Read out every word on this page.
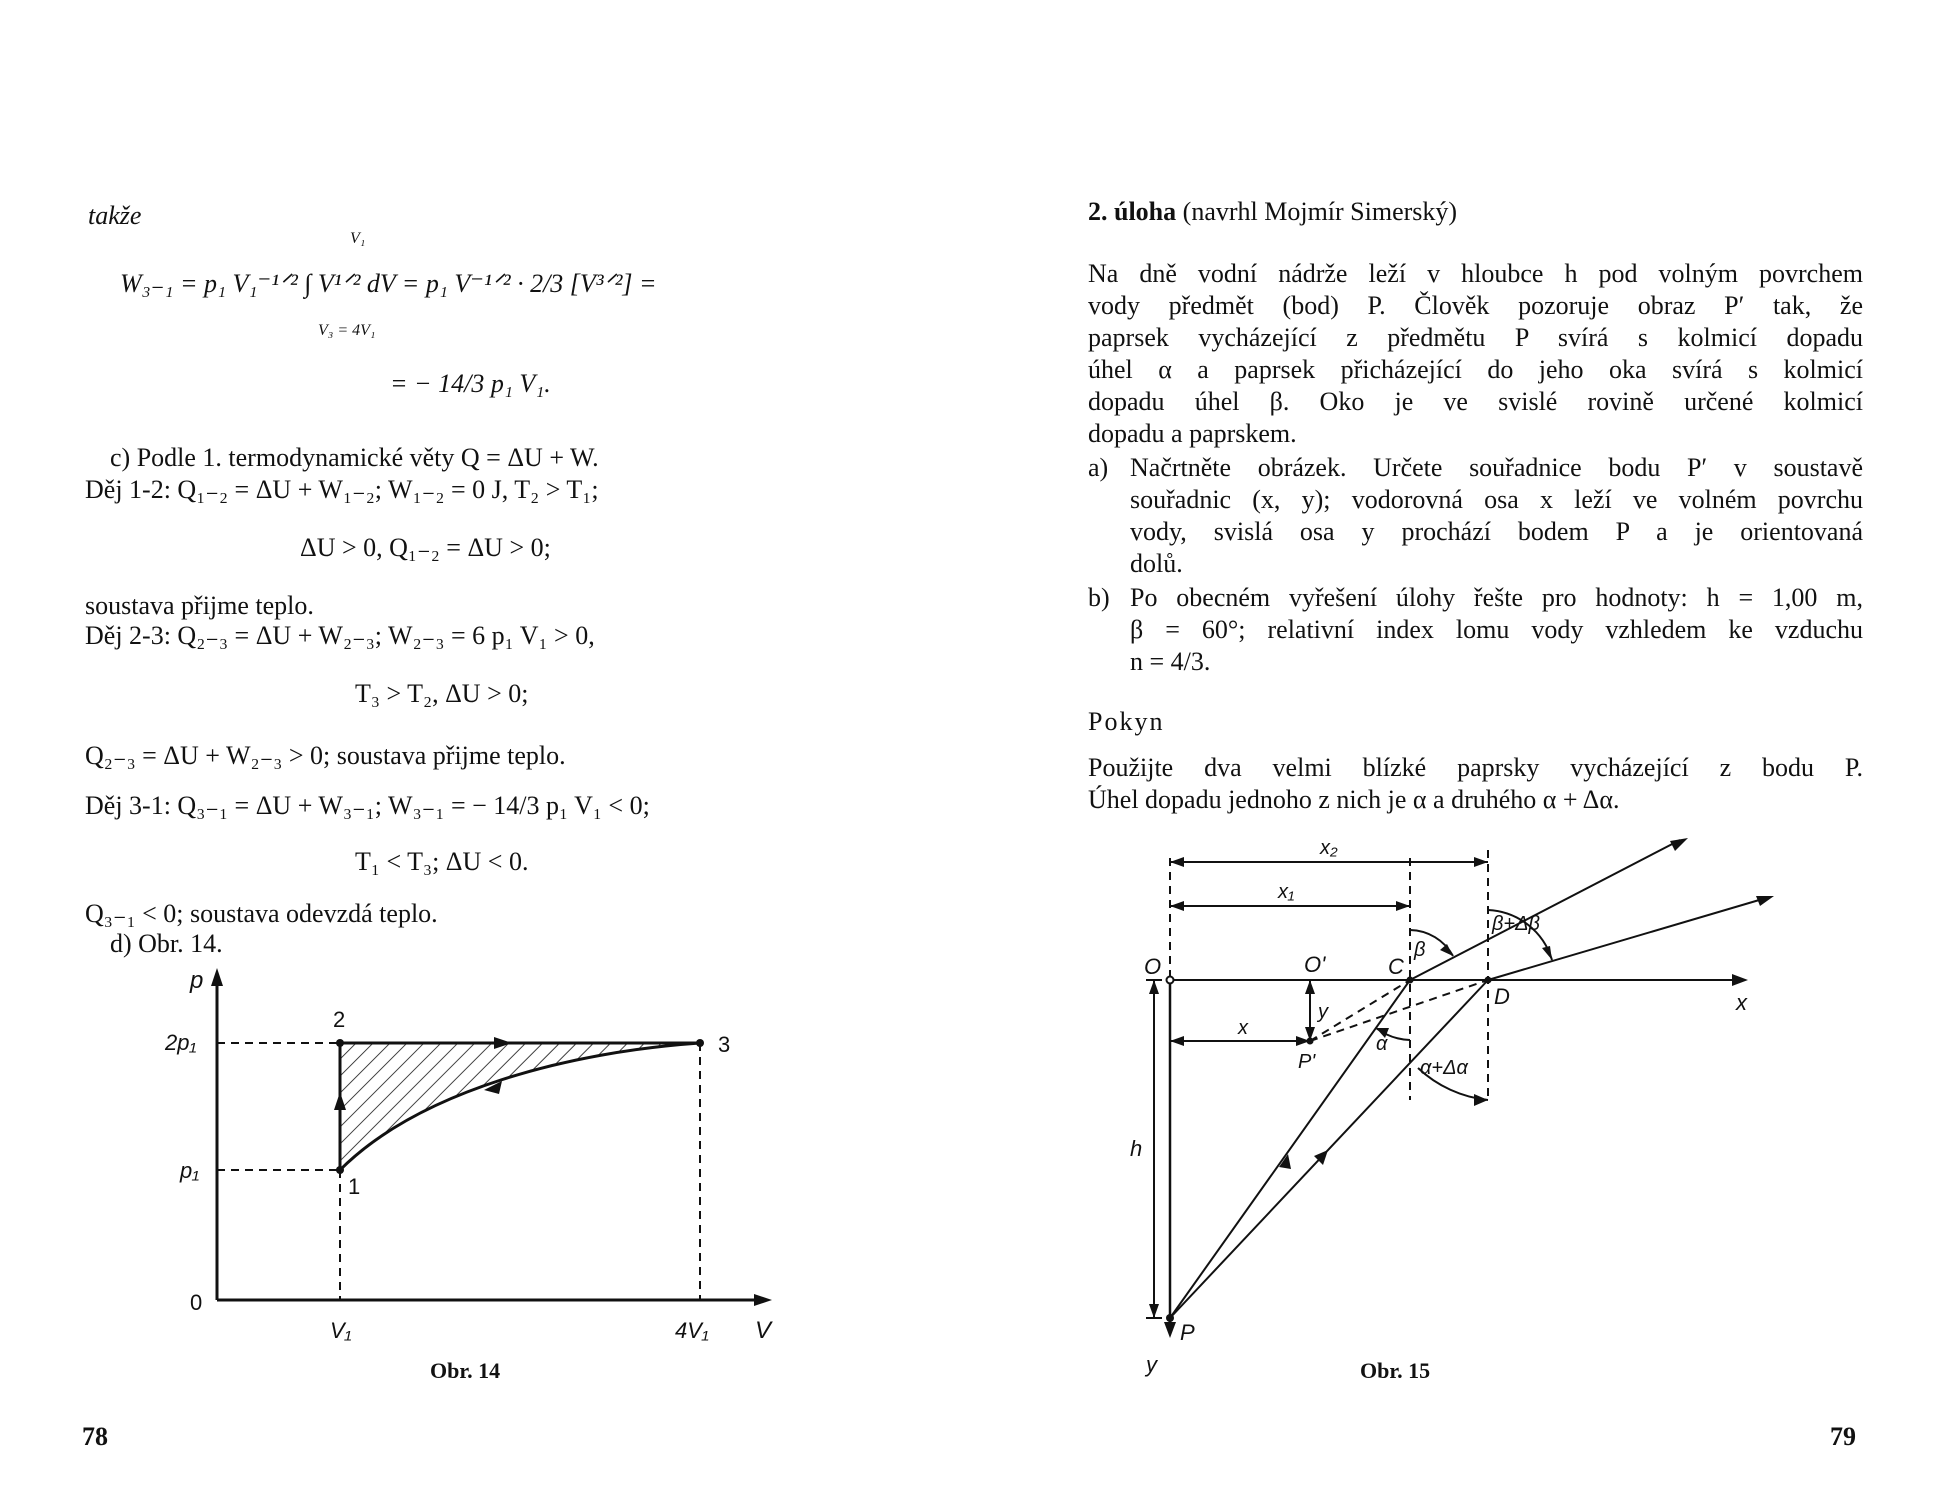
takže
V₁
W₃₋₁ = p₁ V₁⁻¹ᐟ² ∫ V¹ᐟ² dV = p₁ V⁻¹ᐟ² · 2/3 [V³ᐟ²] =
V₃ = 4V₁
= − 14/3 p₁ V₁.
c) Podle 1. termodynamické věty Q = ΔU + W.
Děj 1-2: Q₁₋₂ = ΔU + W₁₋₂; W₁₋₂ = 0 J, T₂ > T₁;
ΔU > 0, Q₁₋₂ = ΔU > 0;
soustava přijme teplo.
Děj 2-3: Q₂₋₃ = ΔU + W₂₋₃; W₂₋₃ = 6 p₁ V₁ > 0,
T₃ > T₂, ΔU > 0;
Q₂₋₃ = ΔU + W₂₋₃ > 0; soustava přijme teplo.
Děj 3-1: Q₃₋₁ = ΔU + W₃₋₁; W₃₋₁ = − 14/3 p₁ V₁ < 0;
T₁ < T₃; ΔU < 0.
Q₃₋₁ < 0; soustava odevzdá teplo.
d) Obr. 14.
p
V
0
2p₁
p₁
V₁	4V₁
1
2
3
Obr. 14
78
2. úloha (navrhl Mojmír Simerský)
Na dně vodní nádrže leží v hloubce h pod volným povrchem
vody předmět (bod) P. Člověk pozoruje obraz P′ tak, že
paprsek vycházející z předmětu P svírá s kolmicí dopadu
úhel α a paprsek přicházející do jeho oka svírá s kolmicí
dopadu úhel β. Oko je ve svislé rovině určené kolmicí
dopadu a paprskem.
a) Načrtněte obrázek. Určete souřadnice bodu P′ v soustavě
souřadnic (x, y); vodorovná osa x leží ve volném povrchu
vody, svislá osa y prochází bodem P a je orientovaná
dolů.
b) Po obecném vyřešení úlohy řešte pro hodnoty: h = 1,00 m,
β = 60°; relativní index lomu vody vzhledem ke vzduchu
n = 4/3.
Pokyn
Použijte dva velmi blízké paprsky vycházející z bodu P.
Úhel dopadu jednoho z nich je α a druhého α + Δα.
x₂
x₁
O	O'	C
D	x
y
x
P'
α
α+Δα
β
β+Δβ
h
P
y	Obr. 15
79
